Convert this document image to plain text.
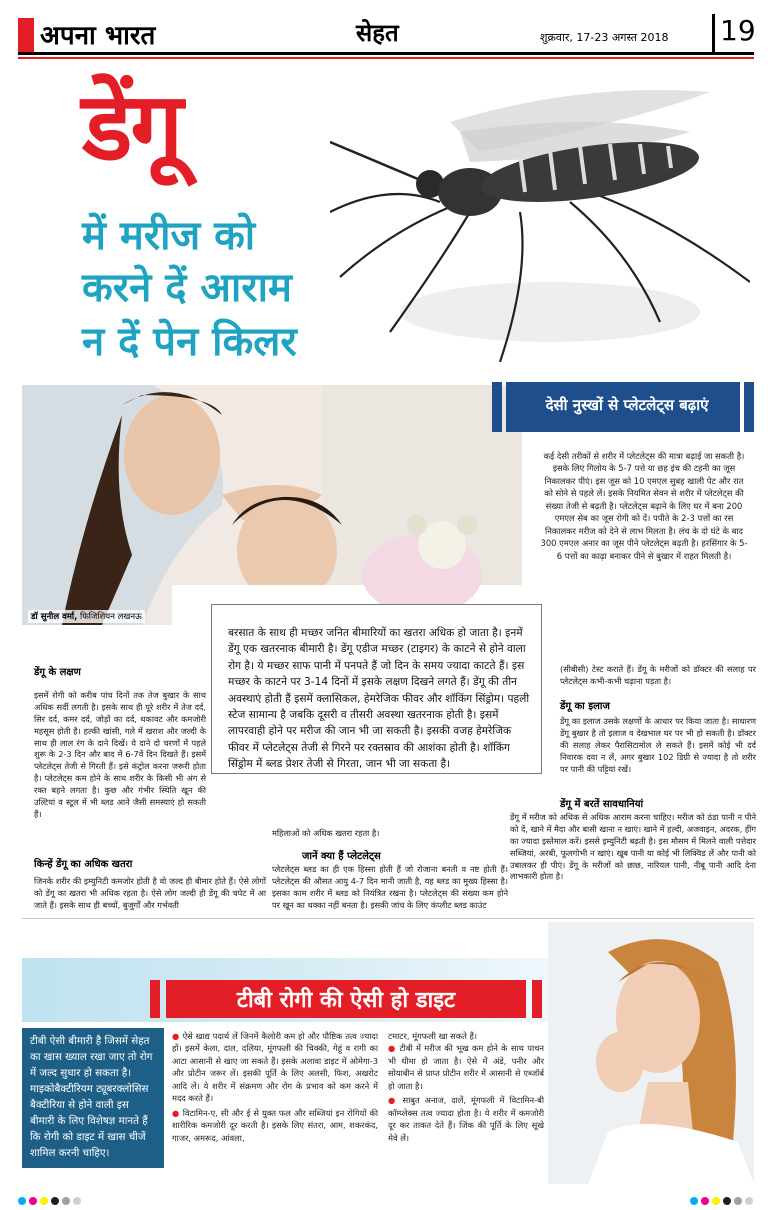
अपना भारत	सेहत	शुक्रवार, 17-23 अगस्त 2018 19
डेंगू
में मरीज को
करने दें आराम
न दें पेन किलर
डॉ सुनील वर्मा, फिजिशियन लखनऊ
देसी नुस्खों से प्लेटलेट्स बढ़ाएं
कई देसी तरीकों से शरीर में प्लेटलेट्स की मात्रा बढ़ाई जा सकती है। इसके लिए गिलोय के 5-7 पत्ते या छह इंच की टहनी का जूस निकालकर पीएं। इस जूस को 10 एमएल सुबह खाली पेट और रात को सोने से पहले लें। इसके नियमित सेवन से शरीर में प्लेटलेट्स की संख्या तेजी से बढ़ती है। प्लेटलेट्स बढ़ाने के लिए घर में बना 200 एमएल सेब का जूस रोगी को दें। पपीते के 2-3 पत्तों का रस निकालकर मरीज को देने से लाभ मिलता है। लंच के दो घंटे के बाद 300 एमएल अनार का जूस पीने प्लेटलेट्स बढ़ती है। हरसिंगार के 5-6 पत्तों का काढ़ा बनाकर पीने से बुखार में राहत मिलती है।
बरसात के साथ ही मच्छर जनित बीमारियों का खतरा अधिक हो जाता है। इनमें डेंगू एक खतरनाक बीमारी है। डेंगू एडीज मच्छर (टाइगर) के काटने से होने वाला रोग है। ये मच्छर साफ पानी में पनपते हैं जो दिन के समय ज्यादा काटते हैं। इस मच्छर के काटने पर 3-14 दिनों में इसके लक्षण दिखने लगते हैं। डेंगू की तीन अवस्थाएं होती हैं इसमें क्लासिकल, हेमरेजिक फीवर और शॉकिंग सिंड्रोम। पहली स्टेज सामान्य है जबकि दूसरी व तीसरी अवस्था खतरनाक होती है। इसमें लापरवाही होने पर मरीज की जान भी जा सकती है। इसकी वजह हेमरेजिक फीवर में प्लेटलेट्स तेजी से गिरने पर रक्तस्राव की आशंका होती है। शॉकिंग सिंड्रोम में ब्लड प्रेशर तेजी से गिरता, जान भी जा सकता है।
डेंगू के लक्षण
इसमें रोगी को करीब पांच दिनों तक तेज बुखार के साथ अधिक सर्दी लगती है। इसके साथ ही पूरे शरीर में तेज दर्द, सिर दर्द, कमर दर्द, जोड़ों का दर्द, थकावट और कमजोरी महसूस होती है। हल्की खांसी, गले में खराश और जल्दी के साथ ही लाल रंग के दाने दिखें। ये दाने दो चरणों में पहले शुरू के 2-3 दिन और बाद में 6-7वें दिन दिखते हैं। इसमें प्लेटलेट्स तेजी से गिरती हैं। इसे कंट्रोल करना जरूरी होता है। प्लेटलेट्स कम होने के साथ शरीर के किसी भी अंग से रक्त बहने लगता है। कुछ और गंभीर स्थिति खून की उल्टियां व स्टूल में भी ब्लड आने जैसी समस्याएं हो सकती हैं।
किन्हें डेंगू का अधिक खतरा
जिनके शरीर की इम्युनिटी कमजोर होती है वो जल्द ही बीमार होते हैं। ऐसे लोगों को डेंगू का खतरा भी अधिक रहता है। ऐसे लोग जल्दी ही डेंगू की चपेट में आ जाते हैं। इसके साथ ही बच्चों, बुजुर्गों और गर्भवती
महिलाओं को अधिक खतरा रहता है।
जानें क्या हैं प्लेटलेट्स
प्लेटलेट्स ब्लड का ही एक हिस्सा होती हैं जो रोजाना बनती व नष्ट होती हैं। प्लेटलेट्स की औसत आयु 4-7 दिन मानी जाती है, यह ब्लड का मुख्य हिस्सा है। इसका काम शरीर में ब्लड को नियंत्रित रखना है। प्लेटलेट्स की संख्या कम होने पर खून का थक्का नहीं बनता है। इसकी जांच के लिए कंप्लीट ब्लड काउंट
(सीबीसी) टेस्ट कराते हैं। डेंगू के मरीजों को डॉक्टर की सलाह पर प्लेटलेट्स कभी-कभी चढ़ाना पड़ता है।
डेंगू का इलाज
डेंगू का इलाज उसके लक्षणों के आधार पर किया जाता है। साधारण डेंगू बुखार है तो इलाज व देखभाल घर पर भी हो सकती है। डॉक्टर की सलाह लेकर पैरासिटामोल ले सकते हैं। इसमें कोई भी दर्द निवारक दवा न लें, अगर बुखार 102 डिग्री से ज्यादा है तो शरीर पर पानी की पट्टियां रखें।
डेंगू में बरतें सावधानियां
डेंगू में मरीज को अधिक से अधिक आराम करना चाहिए। मरीज को ठंडा पानी न पीने को दें, खाने में मैदा और बासी खाना न खाएं। खाने में हल्दी, अजवाइन, अदरक, हींग का ज्यादा इस्तेमाल करें। इससे इम्युनिटी बढ़ती है। इस मौसम में मिलने वाली पत्तेदार सब्जियां, अरबी, फूलगोभी न खाएं। खूब पानी या कोई भी लिक्विड लें और पानी को उबालकर ही पीएं। डेंगू के मरीजों को छाछ, नारियल पानी, नीबू पानी आदि देना लाभकारी होता है।
टीबी रोगी की ऐसी हो डाइट
टीबी ऐसी बीमारी है जिसमें सेहत का खास ख्याल रखा जाए तो रोग में जल्द सुधार हो सकता है। माइकोबैक्टीरियम ट्यूबरक्लोसिस बैक्टीरिया से होने वाली इस बीमारी के लिए विशेषज्ञ मानते हैं कि रोगी को डाइट में खास चीजें शामिल करनी चाहिए।
● ऐसे खाद्य पदार्थ लें जिनमें कैलोरी कम हो और पौष्टिक तत्व ज्यादा हों। इसमें केला, दाल, दलिया, मूंगफली की चिक्की, गेहूं व रागी का आटा आसानी से खाए जा सकते हैं। इसके अलावा डाइट में ओमेगा-3 और प्रोटीन जरूर लें। इसकी पूर्ति के लिए अलसी, फिश, अखरोट आदि लें। ये शरीर में संक्रमण और रोग के प्रभाव को कम करने में मदद करते हैं।
● विटामिन-ए, सी और ई से युक्त फल और सब्जियां इन रोगियों की शारीरिक कमजोरी दूर करती है। इसके लिए संतरा, आम, शकरकंद, गाजर, अमरूद, आंवला,
टमाटर, मूंगफली खा सकते हैं।
● टीबी में मरीज की भूख कम होने के साथ पाचन भी धीमा हो जाता है। ऐसे में अंडे, पनीर और सोयाबीन से प्राप्त प्रोटीन शरीर में आसानी से एब्जॉर्ब हो जाता है।
● साबुत अनाज, दालें, मूंगफली में विटामिन-बी कॉम्प्लेक्स तत्व ज्यादा होता है। ये शरीर में कमजोरी दूर कर ताकत देते हैं। जिंक की पूर्ति के लिए सूखे मेवे लें।
